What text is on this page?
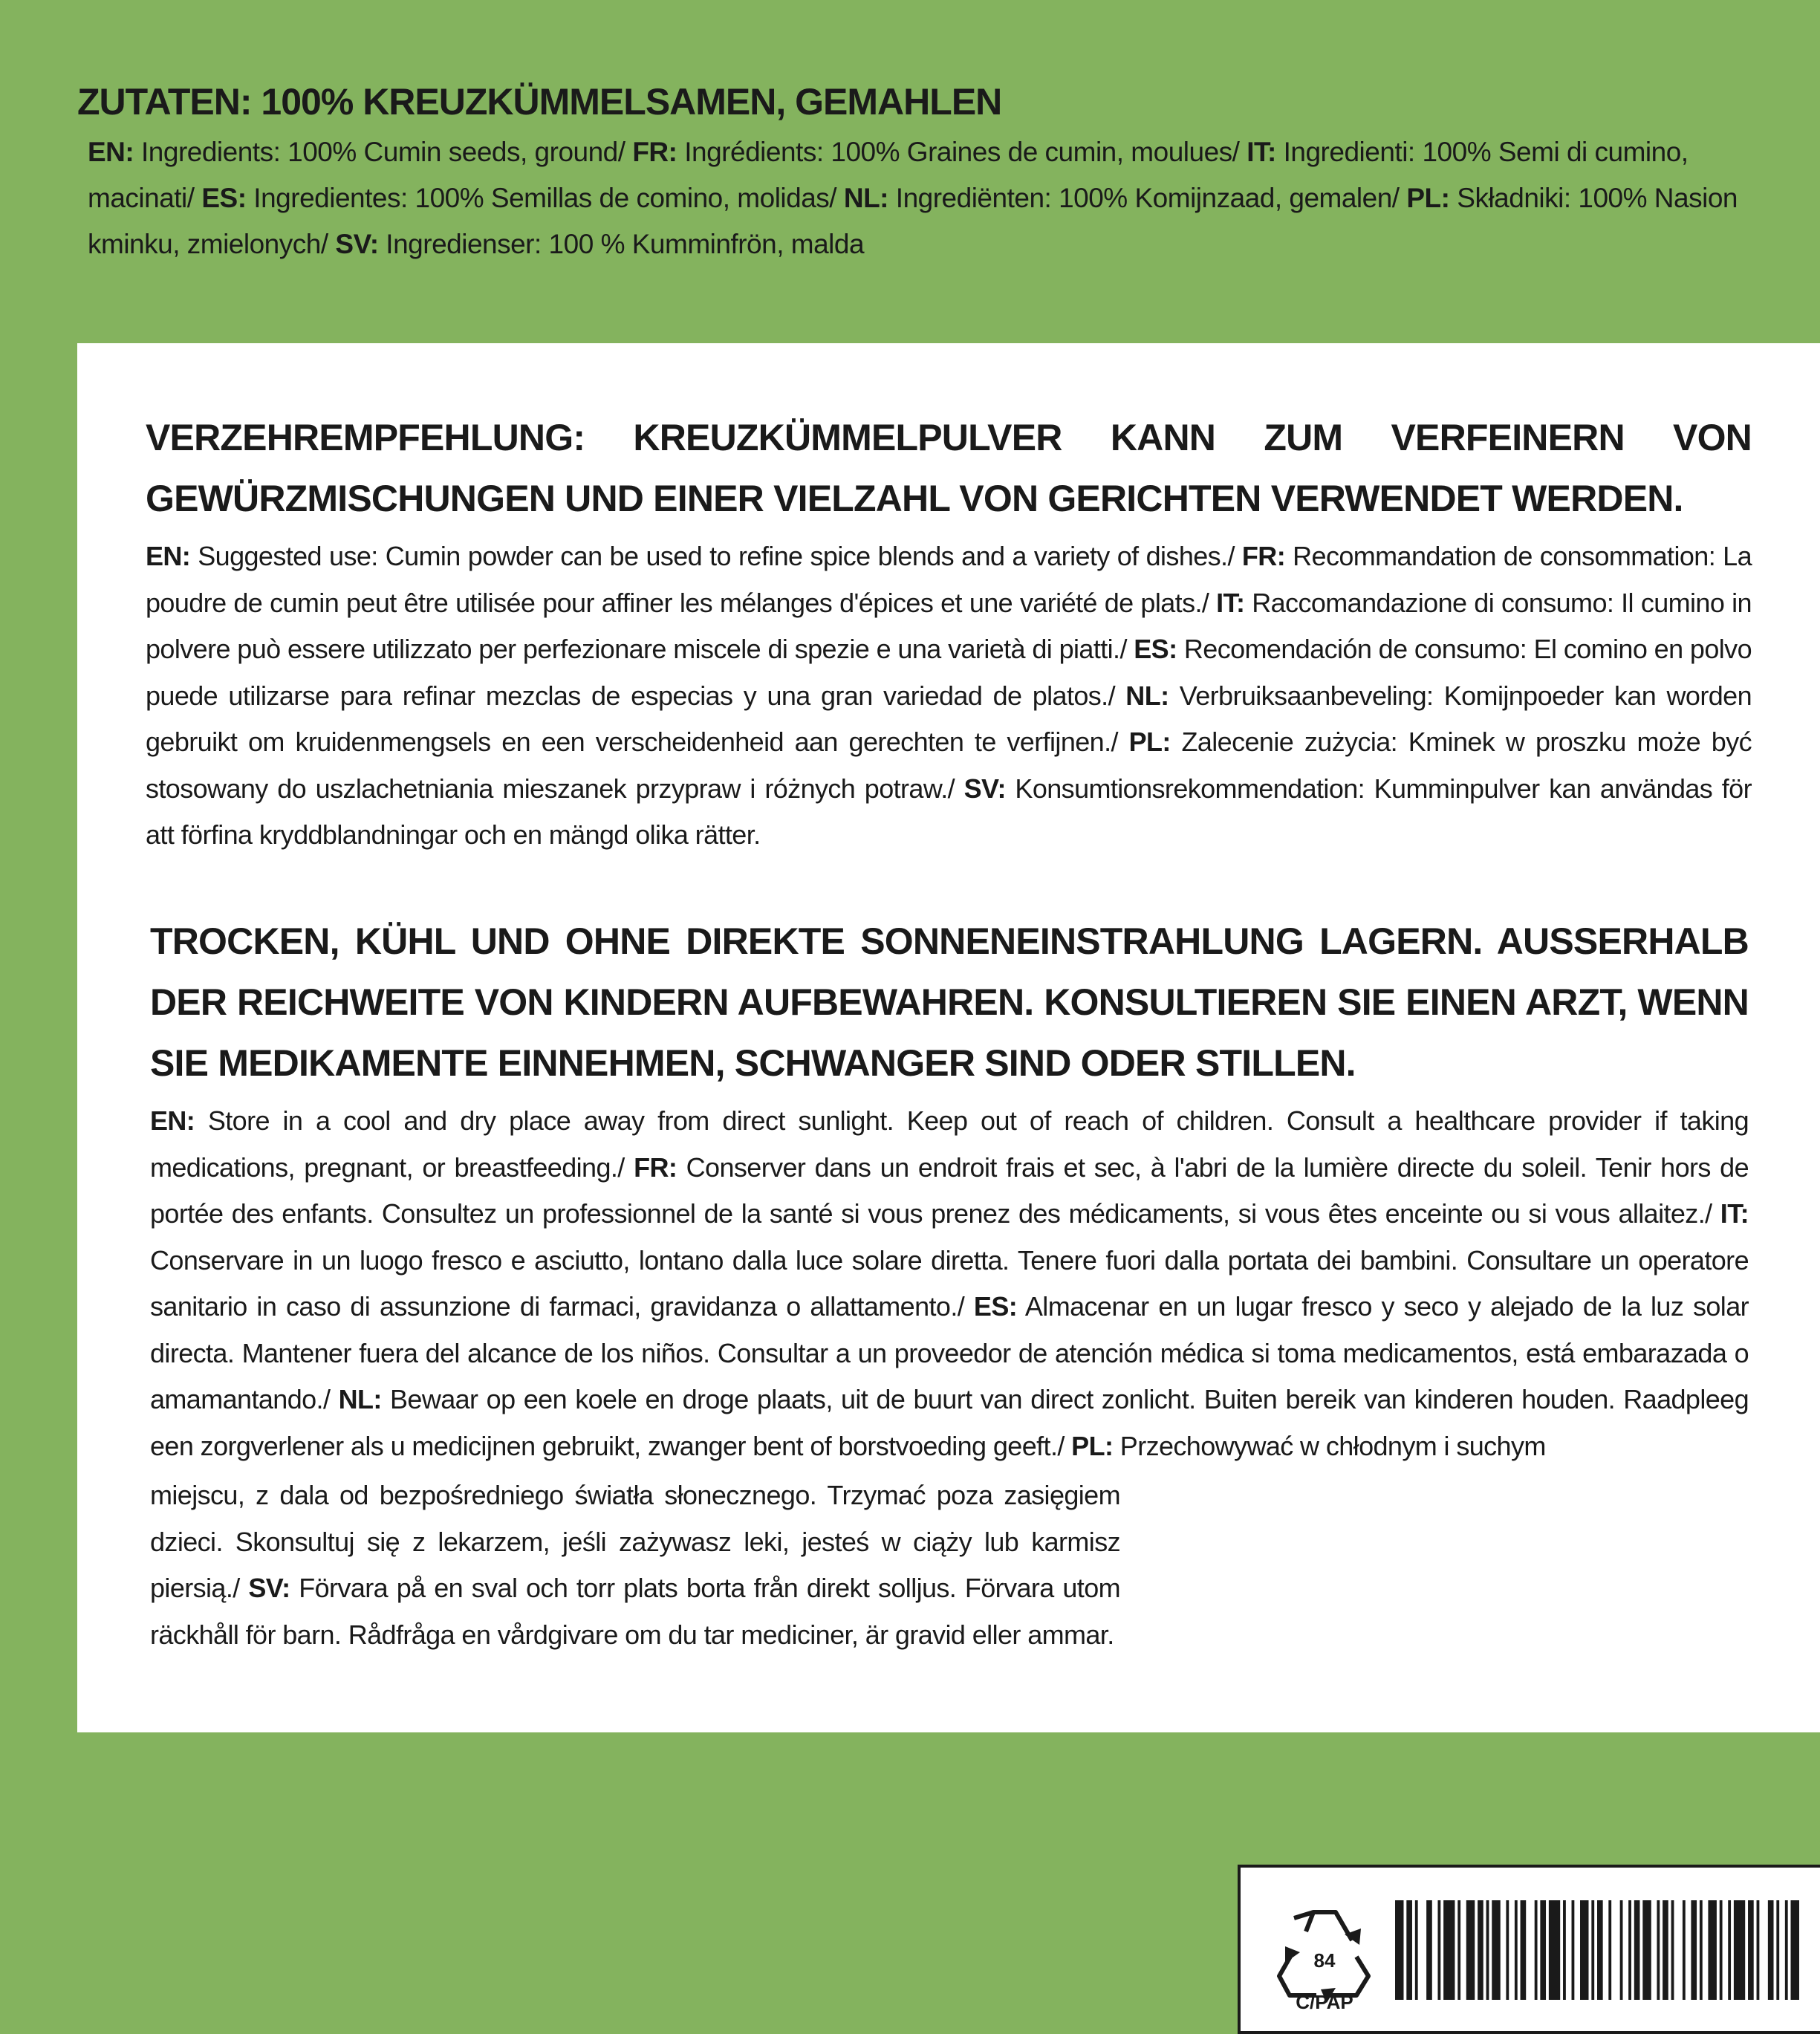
ZUTATEN: 100% KREUZKÜMMELSAMEN, GEMAHLEN
EN: Ingredients: 100% Cumin seeds, ground/ FR: Ingrédients: 100% Graines de cumin, moulues/ IT: Ingredienti: 100% Semi di cumino, macinati/ ES: Ingredientes: 100% Semillas de comino, molidas/ NL: Ingrediënten: 100% Komijnzaad, gemalen/ PL: Składniki: 100% Nasion kminku, zmielonych/ SV: Ingredienser: 100 % Kumminfrön, malda
VERZEHREMPFEHLUNG: KREUZKÜMMELPULVER KANN ZUM VERFEINERN VON GEWÜRZMISCHUNGEN UND EINER VIELZAHL VON GERICHTEN VERWENDET WERDEN.

EN: Suggested use: Cumin powder can be used to refine spice blends and a variety of dishes./ FR: Recommandation de consommation: La poudre de cumin peut être utilisée pour affiner les mélanges d'épices et une variété de plats./ IT: Raccomandazione di consumo: Il cumino in polvere può essere utilizzato per perfezionare miscele di spezie e una varietà di piatti./ ES: Recomendación de consumo: El comino en polvo puede utilizarse para refinar mezclas de especias y una gran variedad de platos./ NL: Verbruiksaanbeveling: Komijnpoeder kan worden gebruikt om kruidenmengsels en een verscheidenheid aan gerechten te verfijnen./ PL: Zalecenie zużycia: Kminek w proszku może być stosowany do uszlachetniania mieszanek przypraw i różnych potraw./ SV: Konsumtionsrekommendation: Kumminpulver kan användas för att förfina kryddblandningar och en mängd olika rätter.

TROCKEN, KÜHL UND OHNE DIREKTE SONNENEINSTRAHLUNG LAGERN. AUSSERHALB DER REICHWEITE VON KINDERN AUFBEWAHREN. KONSULTIEREN SIE EINEN ARZT, WENN SIE MEDIKAMENTE EINNEHMEN, SCHWANGER SIND ODER STILLEN.

EN: Store in a cool and dry place away from direct sunlight. Keep out of reach of children. Consult a healthcare provider if taking medications, pregnant, or breastfeeding./ FR: Conserver dans un endroit frais et sec, à l'abri de la lumière directe du soleil. Tenir hors de portée des enfants. Consultez un professionnel de la santé si vous prenez des médicaments, si vous êtes enceinte ou si vous allaitez./ IT: Conservare in un luogo fresco e asciutto, lontano dalla luce solare diretta. Tenere fuori dalla portata dei bambini. Consultare un operatore sanitario in caso di assunzione di farmaci, gravidanza o allattamento./ ES: Almacenar en un lugar fresco y seco y alejado de la luz solar directa. Mantener fuera del alcance de los niños. Consultar a un proveedor de atención médica si toma medicamentos, está embarazada o amamantando./ NL: Bewaar op een koele en droge plaats, uit de buurt van direct zonlicht. Buiten bereik van kinderen houden. Raadpleeg een zorgverlener als u medicijnen gebruikt, zwanger bent of borstvoeding geeft./ PL: Przechowywać w chłodnym i suchym

miejscu, z dala od bezpośredniego światła słonecznego. Trzymać poza zasięgiem dzieci. Skonsultuj się z lekarzem, jeśli zażywasz leki, jesteś w ciąży lub karmisz piersią./ SV: Förvara på en sval och torr plats borta från direkt solljus. Förvara utom räckhåll för barn. Rådfråga en vårdgivare om du tar mediciner, är gravid eller ammar.
84
C/PAP
